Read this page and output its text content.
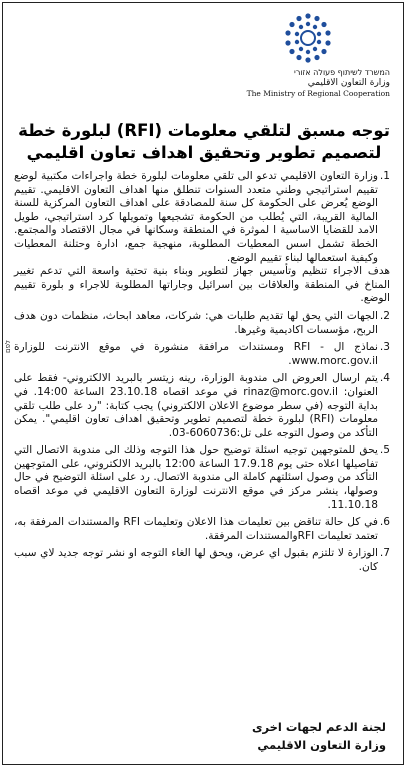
המשרד לשיתוף פעולה אזורי
وزارة التعاون الاقليمي
The Ministry of Regional Cooperation
توجه مسبق لتلقي معلومات (RFI) لبلورة خطة
لتصميم تطوير وتحقيق اهداف تعاون اقليمي
1.

وزارة التعاون الاقليمي تدعو الى تلقي معلومات لبلورة خطة واجراءات مكتبية لوضع تقييم استراتيجي وطني متعدد السنوات تنطلق منها اهداف التعاون الاقليمي. تقييم الوضع يُعرض على الحكومة كل سنة للمصادقة على اهداف التعاون المركزية للسنة المالية القريبة، التي يُطلب من الحكومة تشجيعها وتمويلها كرد استراتيجي، طويل الامد للقضايا الاساسية ا لموثرة في المنطقة وسكانها في مجال الاقتصاد والمجتمع. الخطة تشمل اسس المعطيات المطلوبة، منهجية جمع، ادارة وحتلنة المعطيات وكيفية استعمالها لبناء تقييم الوضع.

هدف الاجراء تنظيم وتأسيس جهاز لتطوير وبناء بنية تحتية واسعة التي تدعم تغيير المناخ في المنطقة والعلاقات بين اسرائيل وجاراتها المطلوبة للاجراء و بلورة تقييم الوضع.

2.

الجهات التي يحق لها تقديم طلبات هي: شركات، معاهد ابحاث، منظمات دون هدف الربح، مؤسسات اكاديمية وغيرها.

3.

نماذج ال - RFI ومستندات مرافقة منشورة في موقع الانترنت للوزارة www.morc.gov.il.

4.

يتم ارسال العروض الى مندوبة الوزارة، رينه زيتسر بالبريد الالكتروني- فقط على العنوان: rinaz@morc.gov.il في موعد اقصاه 23.10.18 الساعة 14:00. في بداية التوجه (في سطر موضوع الاعلان الالكتروني) يجب كتابة: "رد على طلب تلقي معلومات (RFI) لبلورة خطة لتصميم تطوير وتحقيق اهداف تعاون اقليمي". يمكن التأكد من وصول التوجه على تل:6060736-03.

5.

يحق للمتوجهين توجيه اسئلة توضيح حول هذا التوجه وذلك الى مندوبة الاتصال التي تفاصيلها اعلاه حتى يوم 17.9.18 الساعة 12:00 بالبريد الالكتروني، على المتوجهين التأكد من وصول اسئلتهم كاملة الى مندوبة الاتصال. رد على اسئلة التوضيح في حال وصولها، ينشر مركز في موقع الانترنت لوزارة التعاون الاقليمي في موعد اقصاه 11.10.18.

6.

في كل حالة تناقض بين تعليمات هذا الاعلان وتعليمات RFI والمستندات المرفقة به، تعتمد تعليمات RFIوالمستندات المرفقة.

7.

الوزارة لا تلتزم بقبول اي عرض، ويحق لها الغاء التوجه او نشر توجه جديد لاي سبب كان.

لجنة الدعم لجهات اخرى
وزارة التعاون الاقليمي
לפם
